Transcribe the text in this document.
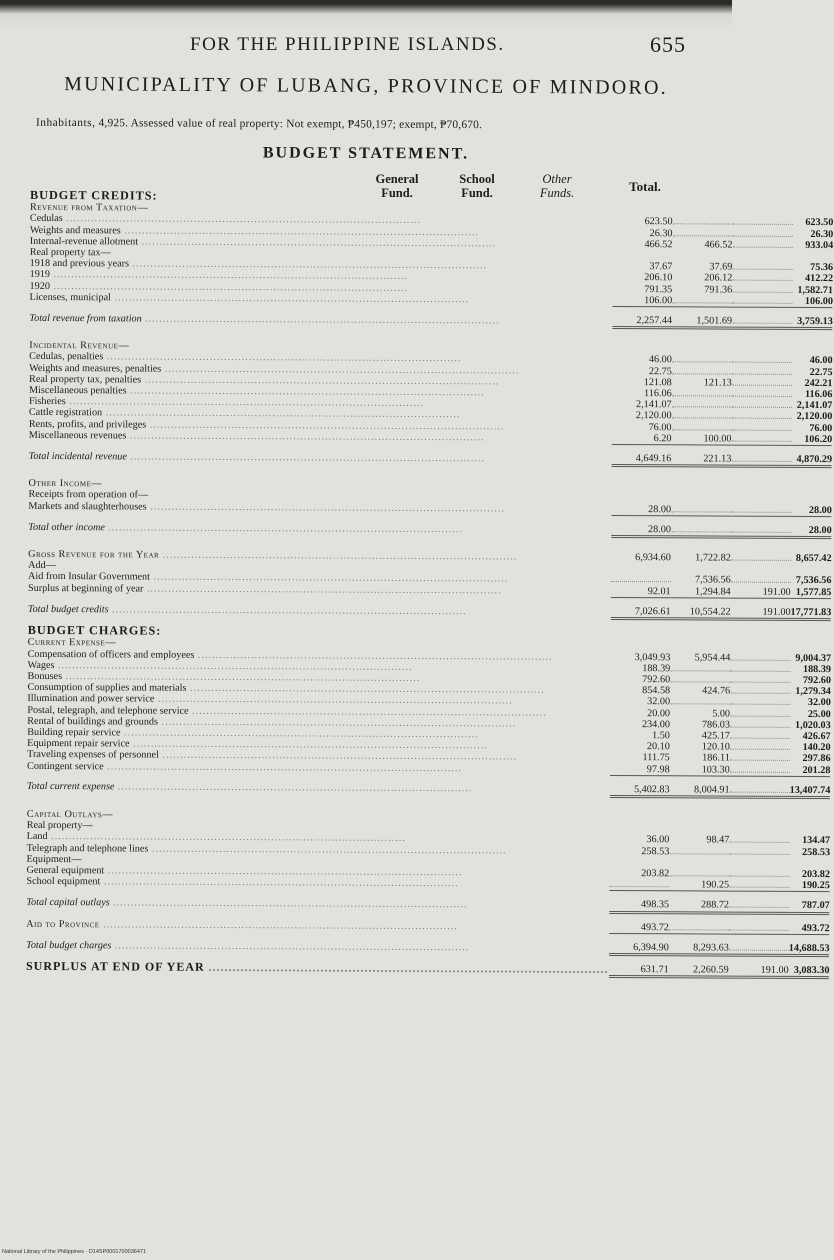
FOR THE PHILIPPINE ISLANDS.	655
MUNICIPALITY OF LUBANG, PROVINCE OF MINDORO.
Inhabitants, 4,925. Assessed value of real property: Not exempt, ₱450,197; exempt, ₱70,670.
BUDGET STATEMENT.
General
Fund.
School
Fund.
Other
Funds.	Total.
BUDGET CREDITS:				
Revenue from Taxation—				
Cedulas .....	623.50			623.50
Weights and measures .....	26.30			26.30
Internal-revenue allotment .....	466.52	466.52		933.04
Real property tax—				
1918 and previous years .....	37.67	37.69		75.36
1919 .....	206.10	206.12		412.22
1920 .....	791.35	791.36		1,582.71
Licenses, municipal .....	106.00			106.00

Total revenue from taxation .....	2,257.44	1,501.69		3,759.13

Incidental Revenue—				
Cedulas, penalties .....	46.00			46.00
Weights and measures, penalties .....	22.75			22.75
Real property tax, penalties .....	121.08	121.13		242.21
Miscellaneous penalties .....	116.06			116.06
Fisheries .....	2,141.07			2,141.07
Cattle registration .....	2,120.00			2,120.00
Rents, profits, and privileges .....	76.00			76.00
Miscellaneous revenues .....	6.20	100.00		106.20

Total incidental revenue .....	4,649.16	221.13		4,870.29

Other Income—				
Receipts from operation of—				
Markets and slaughterhouses .....	28.00			28.00

Total other income .....	28.00			28.00

Gross Revenue for the Year .....	6,934.60	1,722.82		8,657.42
Add—				
Aid from Insular Government .....		7,536.56		7,536.56
Surplus at beginning of year .....	92.01	1,294.84	191.00	1,577.85

Total budget credits .....	7,026.61	10,554.22	191.00	17,771.83

BUDGET CHARGES:				
Current Expense—				
Compensation of officers and employees .....	3,049.93	5,954.44		9,004.37
Wages .....	188.39			188.39
Bonuses .....	792.60			792.60
Consumption of supplies and materials .....	854.58	424.76		1,279.34
Illumination and power service .....	32.00			32.00
Postal, telegraph, and telephone service .....	20.00	5.00		25.00
Rental of buildings and grounds .....	234.00	786.03		1,020.03
Building repair service .....	1.50	425.17		426.67
Equipment repair service .....	20.10	120.10		140.20
Traveling expenses of personnel .....	111.75	186.11		297.86
Contingent service .....	97.98	103.30		201.28

Total current expense .....	5,402.83	8,004.91		13,407.74

Capital Outlays—				
Real property—				
Land .....	36.00	98.47		134.47
Telegraph and telephone lines .....	258.53			258.53
Equipment—				
General equipment .....	203.82			203.82
School equipment .....		190.25		190.25

Total capital outlays .....	498.35	288.72		787.07

Aid to Province .....	493.72			493.72

Total budget charges .....	6,394.90	8,293.63		14,688.53

SURPLUS AT END OF YEAR .....	631.71	2,260.59	191.00	3,083.30
National Library of the Philippines · D14SP0001700036471
